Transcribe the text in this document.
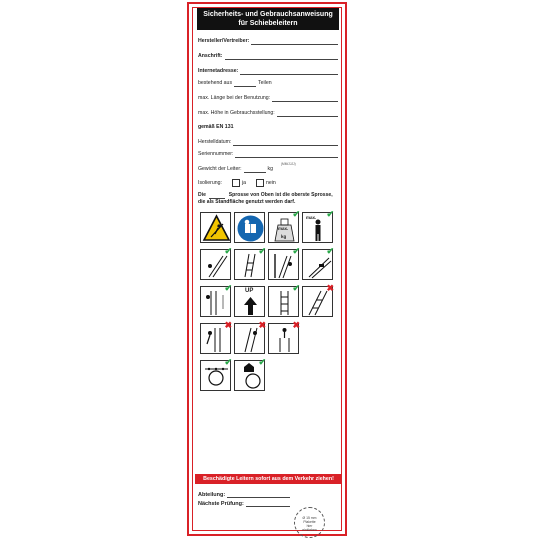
Sicherheits- und Gebrauchsanweisung
für Schiebeleitern
Hersteller/Vertreiber:
Anschrift:
Internetadresse:
bestehend aus	Teilen
max. Länge bei der Benutzung:
max. Höhe in Gebrauchsstellung:
gemäß EN 131
Herstelldatum:
(MM/JJJJ)
Seriennummer:
Gewicht der Leiter:	kg
Isolierung:	ja	nein
Die	Sprosse von Oben ist die oberste Sprosse,
die als Standfläche genutzt werden darf.
max.
kg
✔ max. ✔
✔	✔	✔	✔
✔ UP	✔	✖
✖	✖	✖
✔	✔
Beschädigte Leitern sofort aus dem Verkehr ziehen!
Abteilung:
Nächste Prüfung:
Ø 15 mm
Plakette
hier
einkleben
